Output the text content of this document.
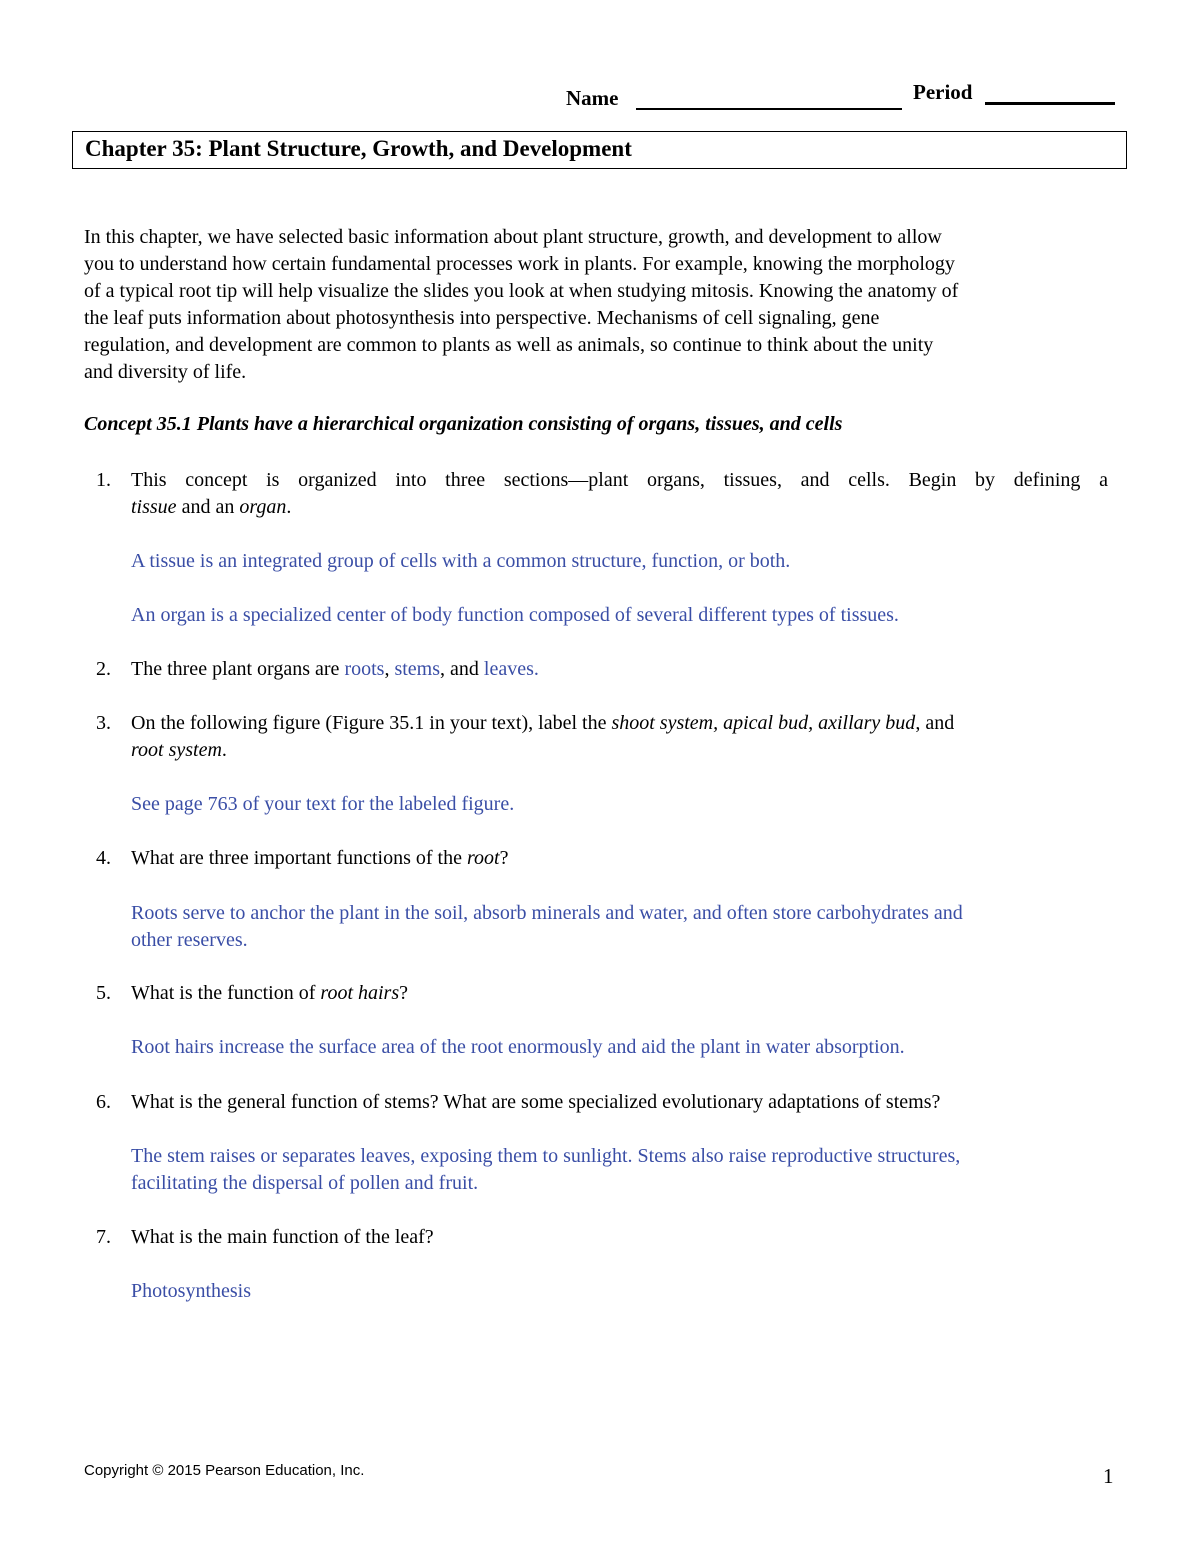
Name	Period
Chapter 35: Plant Structure, Growth, and Development
In this chapter, we have selected basic information about plant structure, growth, and development to allow
you to understand how certain fundamental processes work in plants. For example, knowing the morphology
of a typical root tip will help visualize the slides you look at when studying mitosis. Knowing the anatomy of
the leaf puts information about photosynthesis into perspective. Mechanisms of cell signaling, gene
regulation, and development are common to plants as well as animals, so continue to think about the unity
and diversity of life.
Concept 35.1 Plants have a hierarchical organization consisting of organs, tissues, and cells
1. This concept is organized into three sections—plant organs, tissues, and cells. Begin by defining a
tissue and an organ.
A tissue is an integrated group of cells with a common structure, function, or both.
An organ is a specialized center of body function composed of several different types of tissues.
2. The three plant organs are roots, stems, and leaves.
3. On the following figure (Figure 35.1 in your text), label the shoot system, apical bud, axillary bud, and
root system.
See page 763 of your text for the labeled figure.
4. What are three important functions of the root?
Roots serve to anchor the plant in the soil, absorb minerals and water, and often store carbohydrates and
other reserves.
5. What is the function of root hairs?
Root hairs increase the surface area of the root enormously and aid the plant in water absorption.
6. What is the general function of stems? What are some specialized evolutionary adaptations of stems?
The stem raises or separates leaves, exposing them to sunlight. Stems also raise reproductive structures,
facilitating the dispersal of pollen and fruit.
7. What is the main function of the leaf?
Photosynthesis
Copyright © 2015 Pearson Education, Inc.	1
